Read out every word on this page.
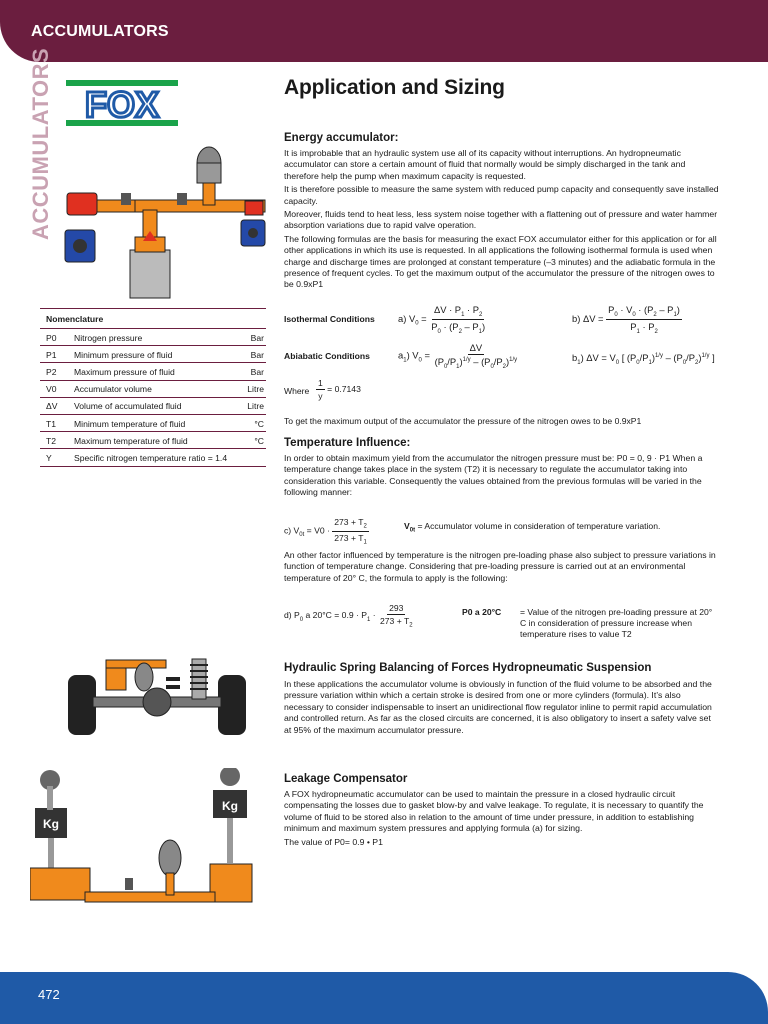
ACCUMULATORS
ACCUMULATORS FOX
Nomenclature
P0	Nitrogen pressure	Bar
P1	Minimum pressure of fluid	Bar
P2	Maximum pressure of fluid	Bar
V0	Accumulator volume	Litre
ΔV	Volume of accumulated fluid	Litre
T1	Minimum temperature of fluid	°C
T2	Maximum temperature of fluid	°C
Y	Specific nitrogen temperature ratio = 1.4
Kg
Kg
Application and Sizing
Energy accumulator:

It is improbable that an hydraulic system use all of its capacity without interruptions. An hydropneumatic accumulator can store a certain amount of fluid that normally would be simply discharged in the tank and therefore help the pump when maximum capacity is requested.

It is therefore possible to measure the same system with reduced pump capacity and consequently save installed capacity.

Moreover, fluids tend to heat less, less system noise together with a flattening out of pressure and water hammer absorption variations due to rapid valve operation.

The following formulas are the basis for measuring the exact FOX accumulator either for this application or for all other applications in which its use is requested. In all applications the following isothermal formula is used when charge and discharge times are prolonged at constant temperature (–3 minutes) and the adiabatic formula in the presence of frequent cycles. To get the maximum output of the accumulator the pressure of the nitrogen owes to be 0.9xP1

Isothermal Conditions a) $V_0 = \frac{\Delta V \cdot P_1 \cdot P_2}{P_0 \cdot (P_2 - P_1)}$	b) $\Delta V = \frac{P_0 \cdot V_0 \cdot (P_2 - P_1)}{P_1 \cdot P_2}$
Abiabatic Conditions	$a_1$) $V_0 = \frac{\Delta V}{(P_0/P_1)^{1/y} - (P_0/P_2)^{1/y}}$	$b_1$) $\Delta V = V_0$ [ $(P_0/P_1)^{1/y} - (P_0/P_2)^{1/y}$ ]
Where $\frac{1}{y} = 0.7143$
To get the maximum output of the accumulator the pressure of the nitrogen owes to be 0.9xP1
Temperature Influence:

In order to obtain maximum yield from the accumulator the nitrogen pressure must be: P0 = 0, 9 · P1 When a temperature change takes place in the system (T2) it is necessary to regulate the accumulator taking into consideration this variable. Consequently the values obtained from the previous formulas will be varied in the following manner:

c) $V_{0t} = V0 \cdot \frac{273 + T_2}{273 + T_1}$	$V_{0t}$ = Accumulator volume in consideration of temperature variation.

An other factor influenced by temperature is the nitrogen pre-loading phase also subject to pressure variations in function of temperature change. Considering that pre-loading pressure is carried out at an environmental temperature of 20° C, the formula to apply is the following:

d) $P_0$ a $20^\circ C = 0.9 \cdot P_1 \cdot \frac{293}{273 + T_2}$	P0 a 20°C = Value of the nitrogen pre-loading pressure at 20° C in consideration of pressure increase when temperature rises to value T2
Hydraulic Spring Balancing of Forces Hydropneumatic Suspension

In these applications the accumulator volume is obviously in function of the fluid volume to be absorbed and the pressure variation within which a certain stroke is desired from one or more cylinders (formula). It’s also necessary to consider indispensable to insert an unidirectional flow regulator inline to permit rapid accumulation and controlled return. As far as the closed circuits are concerned, it is also obligatory to insert a safety valve set at 95% of the maximum accumulator pressure.

Leakage Compensator

A FOX hydropneumatic accumulator can be used to maintain the pressure in a closed hydraulic circuit compensating the losses due to gasket blow-by and valve leakage. To regulate, it is necessary to quantify the volume of fluid to be stored also in relation to the amount of time under pressure, in addition to establishing minimum and maximum system pressures and applying formula (a) for sizing.

The value of P0= 0.9 • P1

472
